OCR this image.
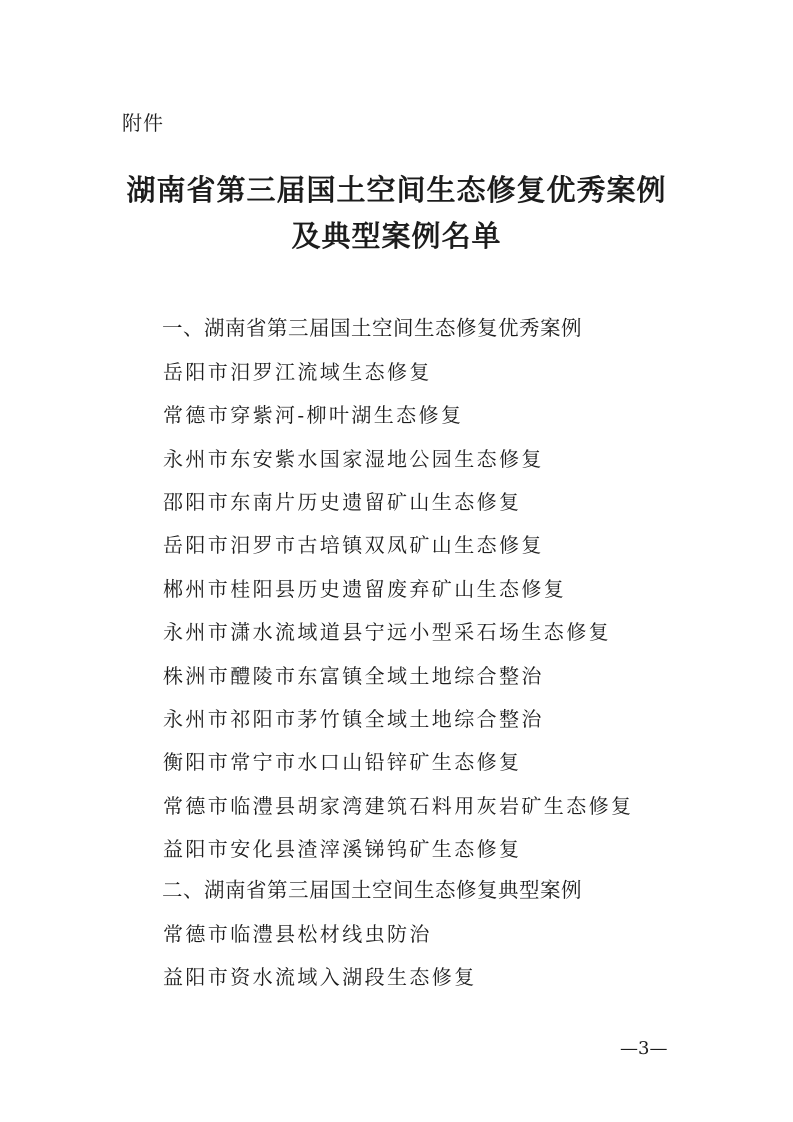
附件
湖南省第三届国土空间生态修复优秀案例
及典型案例名单
一、湖南省第三届国土空间生态修复优秀案例
岳阳市汨罗江流域生态修复
常德市穿紫河-柳叶湖生态修复
永州市东安紫水国家湿地公园生态修复
邵阳市东南片历史遗留矿山生态修复
岳阳市汨罗市古培镇双凤矿山生态修复
郴州市桂阳县历史遗留废弃矿山生态修复
永州市潇水流域道县宁远小型采石场生态修复
株洲市醴陵市东富镇全域土地综合整治
永州市祁阳市茅竹镇全域土地综合整治
衡阳市常宁市水口山铅锌矿生态修复
常德市临澧县胡家湾建筑石料用灰岩矿生态修复
益阳市安化县渣滓溪锑钨矿生态修复
二、湖南省第三届国土空间生态修复典型案例
常德市临澧县松材线虫防治
益阳市资水流域入湖段生态修复
—3—
